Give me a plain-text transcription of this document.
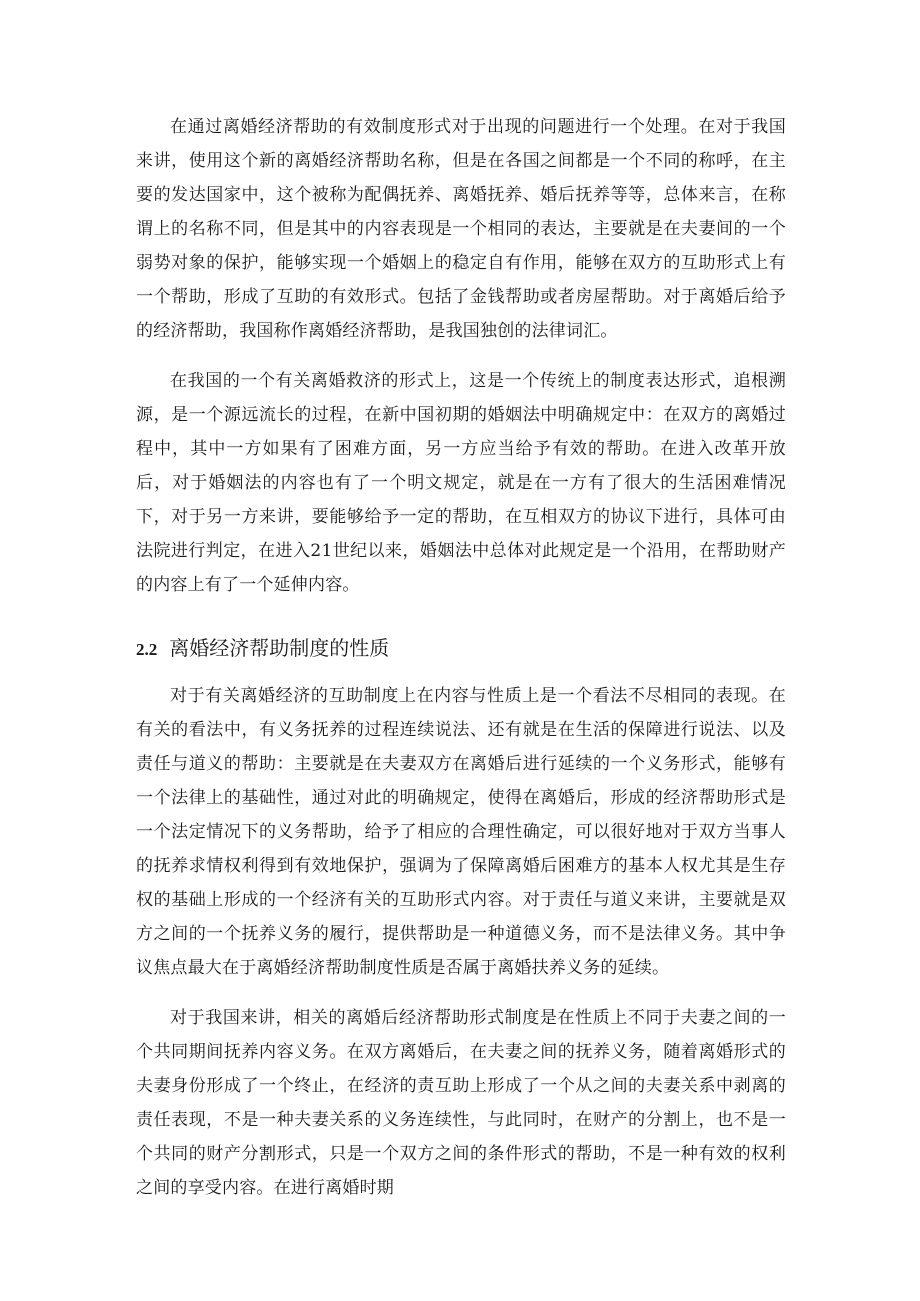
在通过离婚经济帮助的有效制度形式对于出现的问题进行一个处理。在对于我国来讲，使用这个新的离婚经济帮助名称，但是在各国之间都是一个不同的称呼，在主要的发达国家中，这个被称为配偶抚养、离婚抚养、婚后抚养等等，总体来言，在称谓上的名称不同，但是其中的内容表现是一个相同的表达，主要就是在夫妻间的一个弱势对象的保护，能够实现一个婚姻上的稳定自有作用，能够在双方的互助形式上有一个帮助，形成了互助的有效形式。包括了金钱帮助或者房屋帮助。对于离婚后给予的经济帮助，我国称作离婚经济帮助，是我国独创的法律词汇。

在我国的一个有关离婚救济的形式上，这是一个传统上的制度表达形式，追根溯源，是一个源远流长的过程，在新中国初期的婚姻法中明确规定中：在双方的离婚过程中，其中一方如果有了困难方面，另一方应当给予有效的帮助。在进入改革开放后，对于婚姻法的内容也有了一个明文规定，就是在一方有了很大的生活困难情况下，对于另一方来讲，要能够给予一定的帮助，在互相双方的协议下进行，具体可由法院进行判定，在进入21世纪以来，婚姻法中总体对此规定是一个沿用，在帮助财产的内容上有了一个延伸内容。

2.2 离婚经济帮助制度的性质

对于有关离婚经济的互助制度上在内容与性质上是一个看法不尽相同的表现。在有关的看法中，有义务抚养的过程连续说法、还有就是在生活的保障进行说法、以及责任与道义的帮助：主要就是在夫妻双方在离婚后进行延续的一个义务形式，能够有一个法律上的基础性，通过对此的明确规定，使得在离婚后，形成的经济帮助形式是一个法定情况下的义务帮助，给予了相应的合理性确定，可以很好地对于双方当事人的抚养求情权利得到有效地保护，强调为了保障离婚后困难方的基本人权尤其是生存权的基础上形成的一个经济有关的互助形式内容。对于责任与道义来讲，主要就是双方之间的一个抚养义务的履行，提供帮助是一种道德义务，而不是法律义务。其中争议焦点最大在于离婚经济帮助制度性质是否属于离婚扶养义务的延续。

对于我国来讲，相关的离婚后经济帮助形式制度是在性质上不同于夫妻之间的一个共同期间抚养内容义务。在双方离婚后，在夫妻之间的抚养义务，随着离婚形式的夫妻身份形成了一个终止，在经济的责互助上形成了一个从之间的夫妻关系中剥离的责任表现，不是一种夫妻关系的义务连续性，与此同时，在财产的分割上，也不是一个共同的财产分割形式，只是一个双方之间的条件形式的帮助，不是一种有效的权利之间的享受内容。在进行离婚时期
